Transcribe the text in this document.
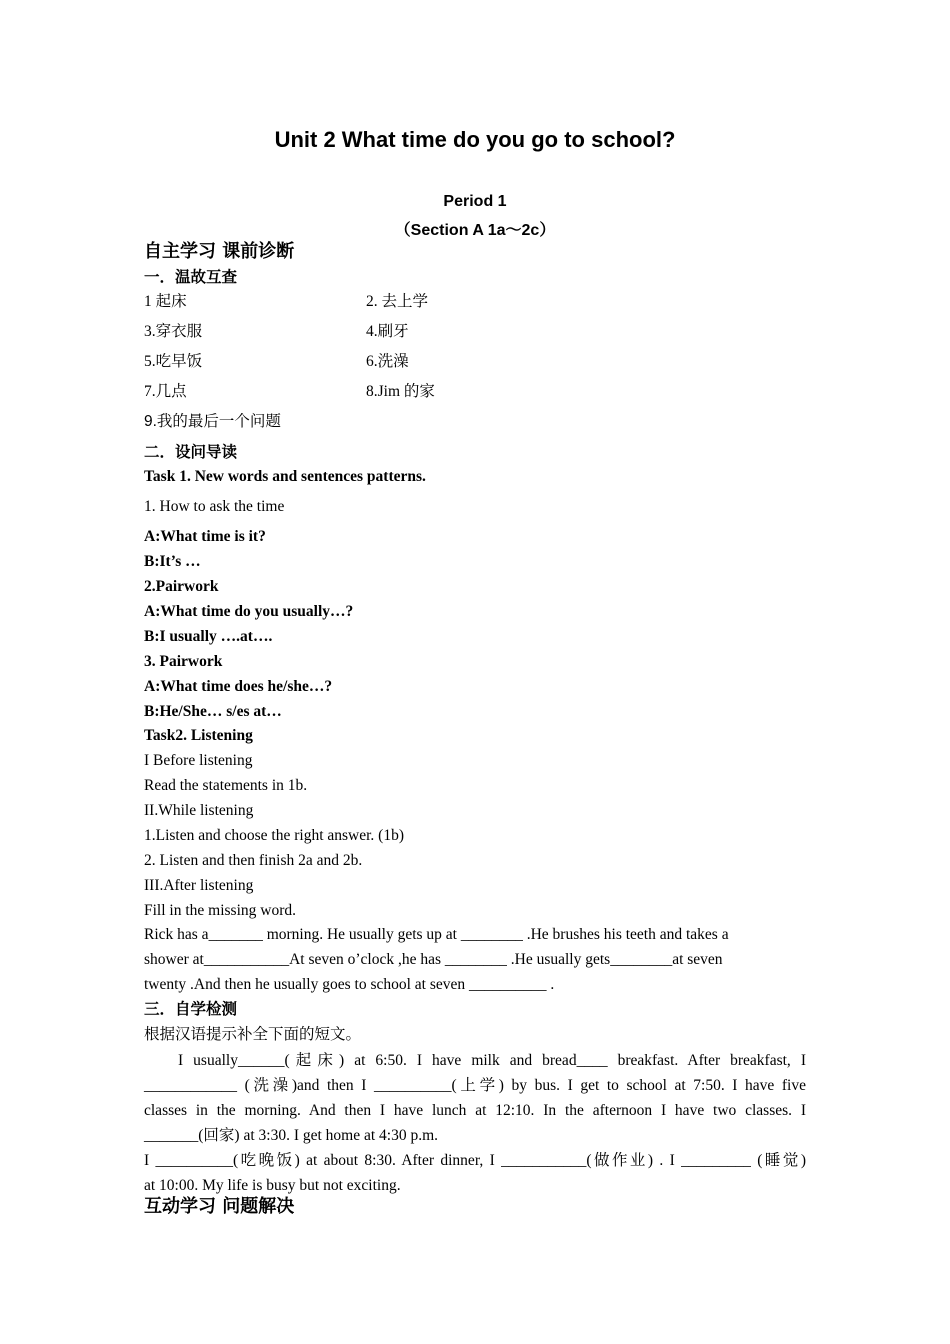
Unit 2 What time do you go to school?
Period 1
（Section A 1a～2c）
自主学习 课前诊断
一．温故互查
1 起床	2. 去上学
3.穿衣服	4.刷牙
5.吃早饭	6.洗澡
7.几点	8.Jim 的家
9.我的最后一个问题
二．设问导读
Task 1. New words and sentences patterns.
1. How to ask the time
A:What time is it?
B:It’s …
2.Pairwork
A:What time do you usually…?
B:I usually ….at….
3. Pairwork
A:What time does he/she…?
B:He/She… s/es at…
Task2. Listening
I Before listening
Read the statements in 1b.
II.While listening
1.Listen and choose the right answer. (1b)
2. Listen and then finish 2a and 2b.
III.After listening
Fill in the missing word.
Rick has a_______ morning. He usually gets up at ________ .He brushes his teeth and takes a
shower at___________At seven o’clock ,he has ________ .He usually gets________at seven
twenty .And then he usually goes to school at seven __________ .
三．自学检测
根据汉语提示补全下面的短文。
I usually______(起床) at 6:50. I have milk and bread____ breakfast. After breakfast, I
____________ (洗澡)and then I __________(上学) by bus. I get to school at 7:50. I have five
classes in the morning. And then I have lunch at 12:10. In the afternoon I have two classes. I
_______(回家) at 3:30. I get home at 4:30 p.m.
I __________(吃晚饭) at about 8:30. After dinner, I ___________(做作业) . I _________ (睡觉)
at 10:00. My life is busy but not exciting.
互动学习 问题解决
